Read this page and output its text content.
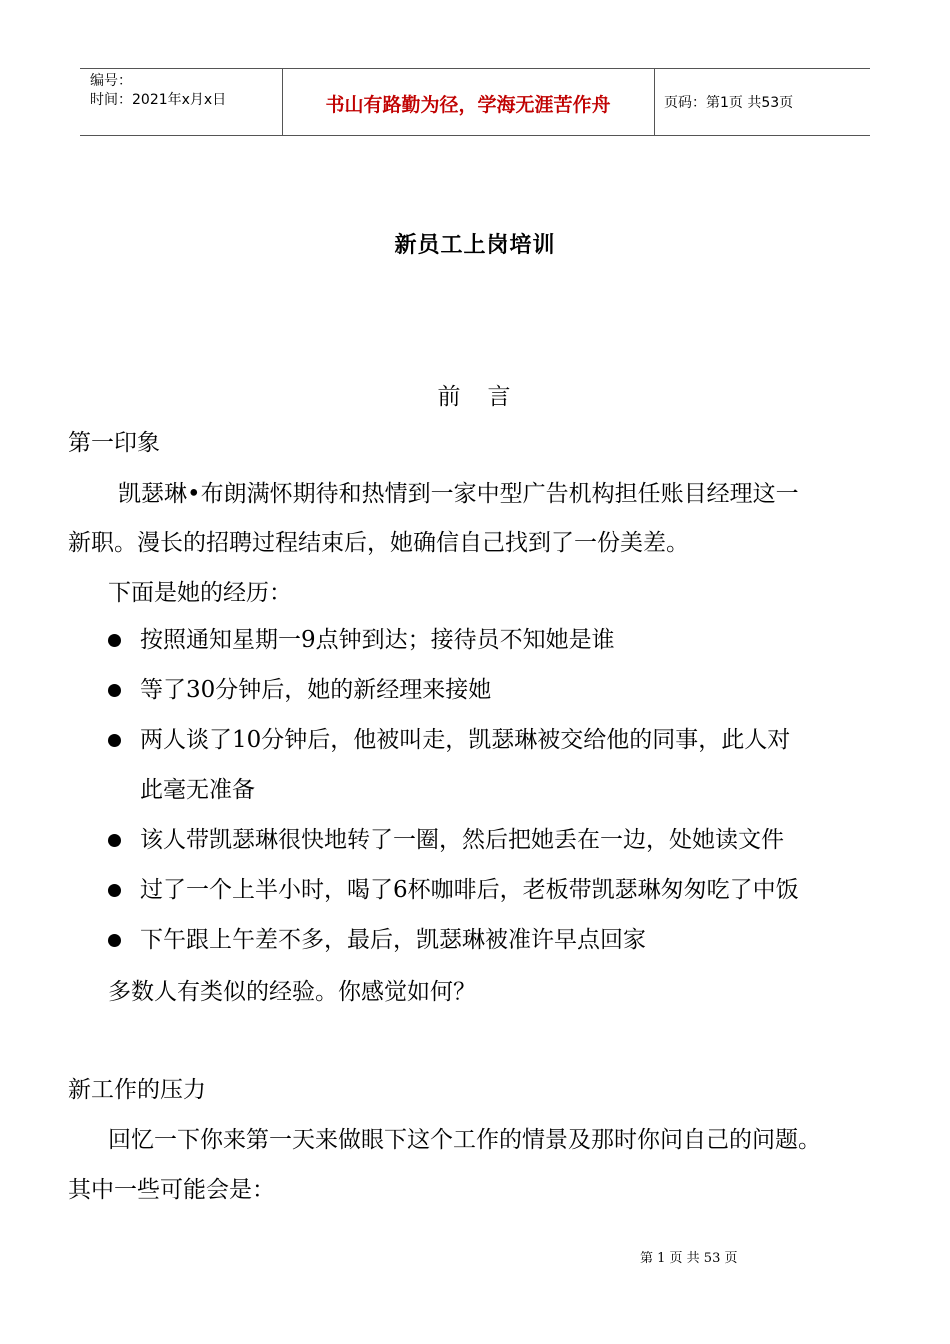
编号：
时间：2021年x月x日	书山有路勤为径，学海无涯苦作舟	页码：第1页 共53页
新员工上岗培训
前　言
第一印象
凯瑟琳•布朗满怀期待和热情到一家中型广告机构担任账目经理这一
新职。漫长的招聘过程结束后，她确信自己找到了一份美差。
下面是她的经历：
按照通知星期一9点钟到达；接待员不知她是谁
等了30分钟后，她的新经理来接她
两人谈了10分钟后，他被叫走，凯瑟琳被交给他的同事，此人对
此毫无准备
该人带凯瑟琳很快地转了一圈，然后把她丢在一边，处她读文件
过了一个上半小时，喝了6杯咖啡后，老板带凯瑟琳匆匆吃了中饭
下午跟上午差不多，最后，凯瑟琳被准许早点回家
多数人有类似的经验。你感觉如何？
新工作的压力
回忆一下你来第一天来做眼下这个工作的情景及那时你问自己的问题。
其中一些可能会是：
第 1 页 共 53 页
